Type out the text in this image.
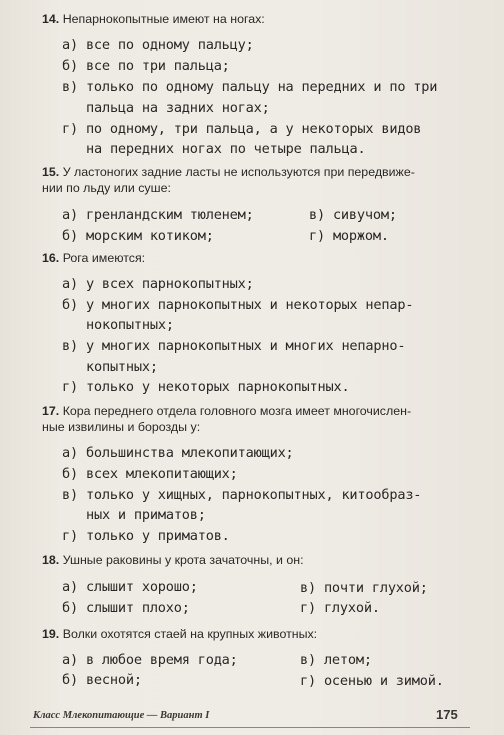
14. Непарнокопытные имеют на ногах:
а) все по одному пальцу;
б) все по три пальца;
в) только по одному пальцу на передних и по три
пальца на задних ногах;
г) по одному, три пальца, а у некоторых видов
на передних ногах по четыре пальца.
15. У ластоногих задние ласты не используются при передвиже-
нии по льду или суше:
а) гренландским тюленем;	в) сивучом;
б) морским котиком;	г) моржом.
16. Рога имеются:
а) у всех парнокопытных;
б) у многих парнокопытных и некоторых непар-
нокопытных;
в) у многих парнокопытных и многих непарно-
копытных;
г) только у некоторых парнокопытных.
17. Кора переднего отдела головного мозга имеет многочислен-
ные извилины и борозды у:
а) большинства млекопитающих;
б) всех млекопитающих;
в) только у хищных, парнокопытных, китообраз-
ных и приматов;
г) только у приматов.
18. Ушные раковины у крота зачаточны, и он:
а) слышит хорошо;	в) почти глухой;
б) слышит плохо;	г) глухой.
19. Волки охотятся стаей на крупных животных:
а) в любое время года;	в) летом;
б) весной;	г) осенью и зимой.
Класс Млекопитающие — Вариант I	175
